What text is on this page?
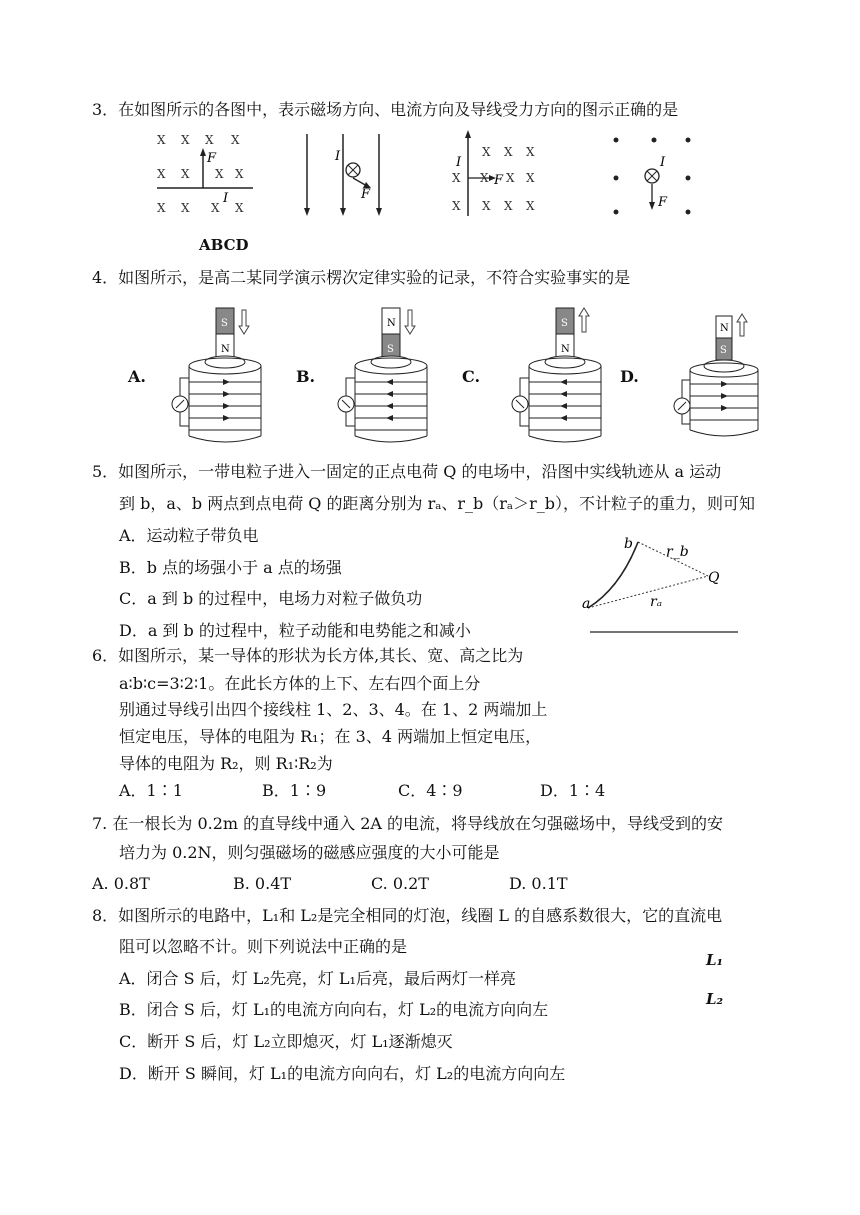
3．在如图所示的各图中，表示磁场方向、电流方向及导线受力方向的图示正确的是
X X X X
X X X X
X X X X
F
I
I
F
X X X
X X X X
X X X X
I
F
I
F
ABCD
4．如图所示，是高二某同学演示楞次定律实验的记录，不符合实验事实的是
A.	B.	C.	D.
S
N
N
S
S
N
N
S
5．如图所示，一带电粒子进入一固定的正点电荷 Q 的电场中，沿图中实线轨迹从 a 运动
到 b，a、b 两点到点电荷 Q 的距离分别为 rₐ、r_b（rₐ＞r_b），不计粒子的重力，则可知
A．运动粒子带负电
B．b 点的场强小于 a 点的场强
C．a 到 b 的过程中，电场力对粒子做负功
D．a 到 b 的过程中，粒子动能和电势能之和减小
a
b
Q
r_b
rₐ
6．如图所示，某一导体的形状为长方体,其长、宽、高之比为
a∶b∶c=3∶2∶1。在此长方体的上下、左右四个面上分
别通过导线引出四个接线柱 1、2、3、4。在 1、2 两端加上
恒定电压，导体的电阻为 R₁；在 3、4 两端加上恒定电压，
导体的电阻为 R₂，则 R₁∶R₂为
A．1∶1	B．1∶9	C．4∶9	D．1∶4
7. 在一根长为 0.2m 的直导线中通入 2A 的电流，将导线放在匀强磁场中，导线受到的安
培力为 0.2N，则匀强磁场的磁感应强度的大小可能是
A. 0.8T	B. 0.4T	C. 0.2T	D. 0.1T
8．如图所示的电路中，L₁和 L₂是完全相同的灯泡，线圈 L 的自感系数很大，它的直流电
阻可以忽略不计。则下列说法中正确的是
A．闭合 S 后，灯 L₂先亮，灯 L₁后亮，最后两灯一样亮
B．闭合 S 后，灯 L₁的电流方向向右，灯 L₂的电流方向向左
C．断开 S 后，灯 L₂立即熄灭，灯 L₁逐渐熄灭
D．断开 S 瞬间，灯 L₁的电流方向向右，灯 L₂的电流方向向左
L₁
L₂
